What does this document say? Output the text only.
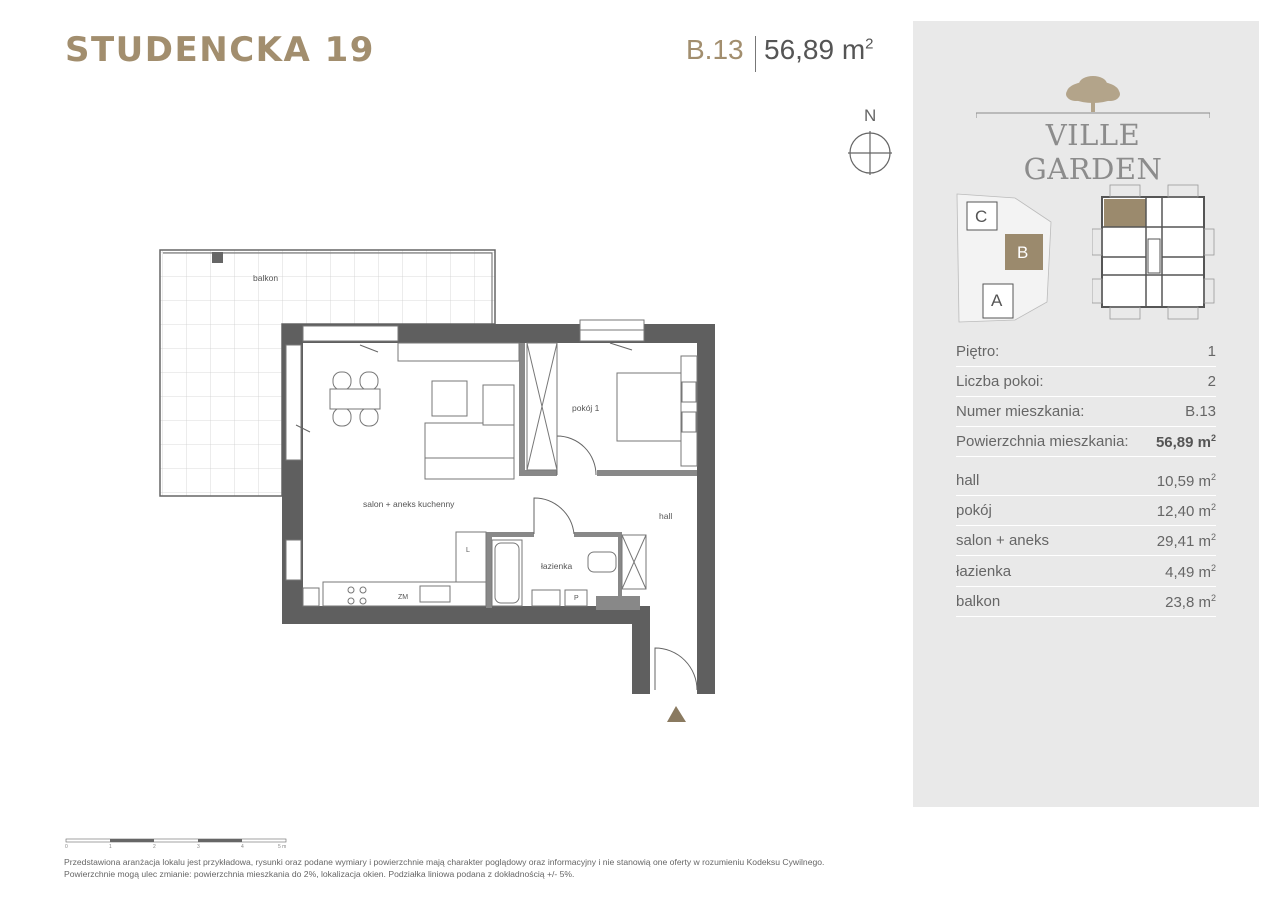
STUDENCKA 19	B.13 56,89 $m^2$
N
L
ZM	P
balkon
pokój 1
salon + aneks kuchenny
hall
łazienka
0	1	2	3	4	5 m
Przedstawiona aranżacja lokalu jest przykładowa, rysunki oraz podane wymiary i powierzchnie mają charakter poglądowy oraz informacyjny i nie stanowią one oferty w rozumieniu Kodeksu Cywilnego.
Powierzchnie mogą ulec zmianie: powierzchnia mieszkania do 2%, lokalizacja okien. Podziałka liniowa podana z dokładnością +/- 5%.
VILLE GARDEN
C
B
A
Piętro:	1
Liczba pokoi:	2
Numer mieszkania:	B.13
Powierzchnia mieszkania: 56,89 $m^2$
hall	10,59 $m^2$
pokój	12,40 $m^2$
salon + aneks	29,41 $m^2$
łazienka	4,49 $m^2$
balkon	23,8 $m^2$
